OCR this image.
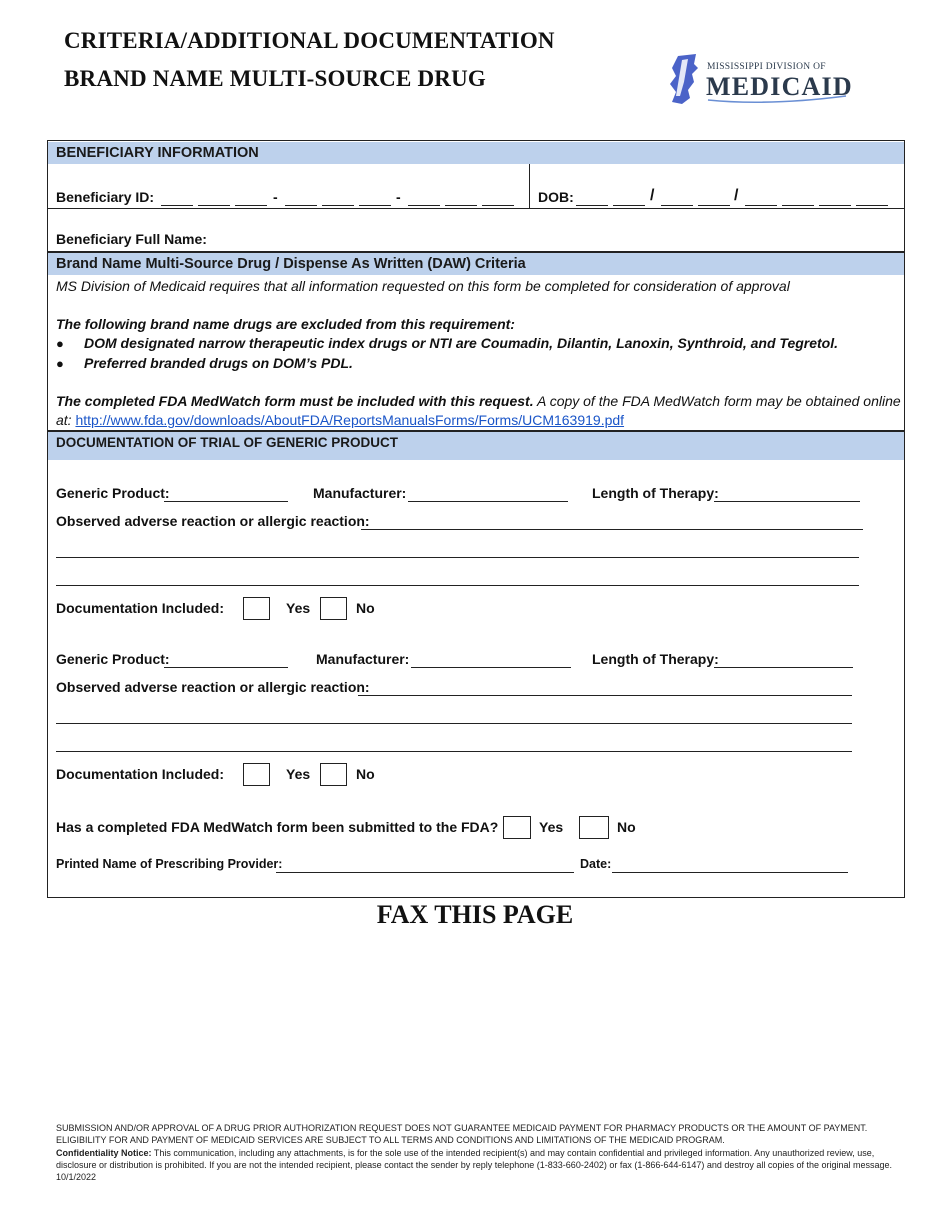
CRITERIA/ADDITIONAL DOCUMENTATION
BRAND NAME MULTI-SOURCE DRUG	MISSISSIPPI DIVISION OF
MEDICAID
BENEFICIARY INFORMATION
Beneficiary ID:	-	-	DOB:	/	/
Beneficiary Full Name:
Brand Name Multi-Source Drug / Dispense As Written (DAW) Criteria
MS Division of Medicaid requires that all information requested on this form be completed for consideration of approval
The following brand name drugs are excluded from this requirement:
● DOM designated narrow therapeutic index drugs or NTI are Coumadin, Dilantin, Lanoxin, Synthroid, and Tegretol.
● Preferred branded drugs on DOM’s PDL.
The completed FDA MedWatch form must be included with this request. A copy of the FDA MedWatch form may be obtained online
at: http://www.fda.gov/downloads/AboutFDA/ReportsManualsForms/Forms/UCM163919.pdf
DOCUMENTATION OF TRIAL OF GENERIC PRODUCT
Generic Product:	Manufacturer:	Length of Therapy:
Observed adverse reaction or allergic reaction:
Documentation Included:	Yes	No
Generic Product:	Manufacturer:	Length of Therapy:
Observed adverse reaction or allergic reaction:
Documentation Included:	Yes	No
Has a completed FDA MedWatch form been submitted to the FDA?	Yes	No
Printed Name of Prescribing Provider:	Date:
FAX THIS PAGE
SUBMISSION AND/OR APPROVAL OF A DRUG PRIOR AUTHORIZATION REQUEST DOES NOT GUARANTEE MEDICAID PAYMENT FOR PHARMACY PRODUCTS OR THE AMOUNT OF PAYMENT.
ELIGIBILITY FOR AND PAYMENT OF MEDICAID SERVICES ARE SUBJECT TO ALL TERMS AND CONDITIONS AND LIMITATIONS OF THE MEDICAID PROGRAM.
Confidentiality Notice: This communication, including any attachments, is for the sole use of the intended recipient(s) and may contain confidential and privileged information. Any unauthorized review, use, disclosure or distribution is prohibited. If you are not the intended recipient, please contact the sender by reply telephone (1-833-660-2402) or fax (1-866-644-6147) and destroy all copies of the original message.
10/1/2022
